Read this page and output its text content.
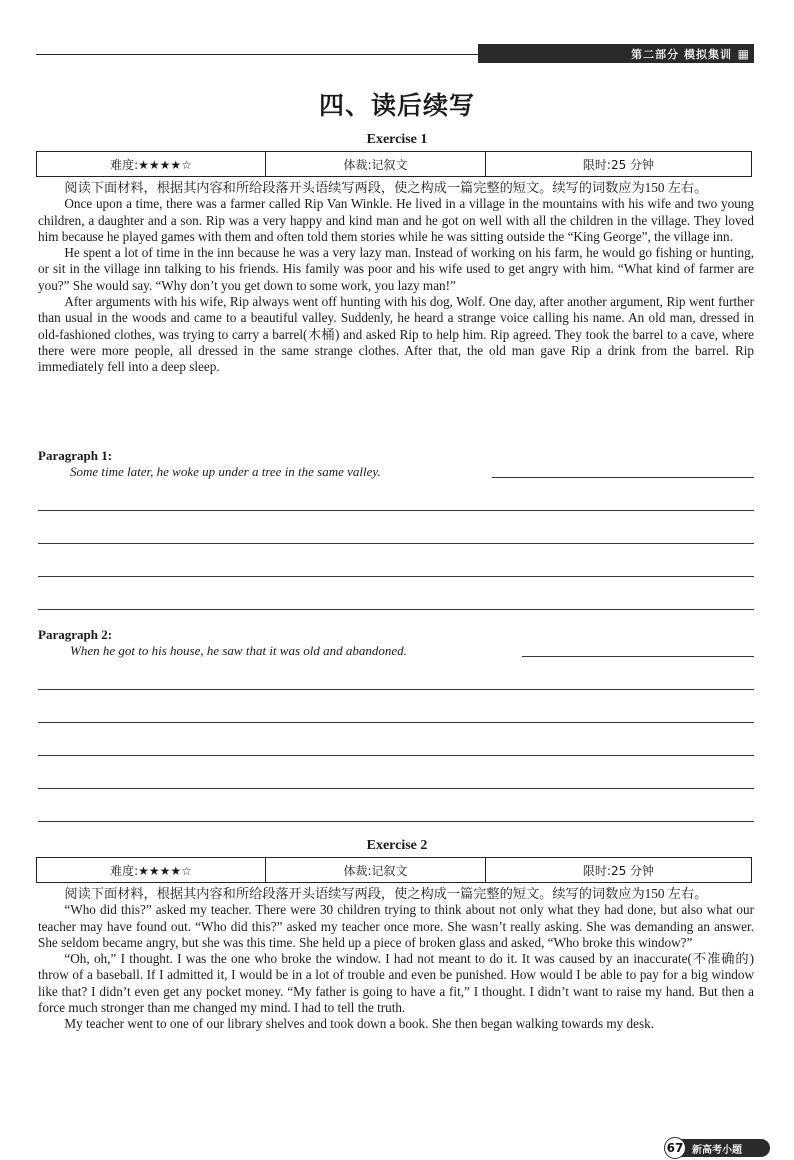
第二部分 模拟集训 ▦
四、读后续写
Exercise 1
难度:★★★★☆	体裁:记叙文	限时:25 分钟

阅读下面材料，根据其内容和所给段落开头语续写两段，使之构成一篇完整的短文。续写的词数应为150 左右。

Once upon a time, there was a farmer called Rip Van Winkle. He lived in a village in the mountains with his wife and two young children, a daughter and a son. Rip was a very happy and kind man and he got on well with all the children in the village. They loved him because he played games with them and often told them stories while he was sitting outside the “King George”, the village inn.

He spent a lot of time in the inn because he was a very lazy man. Instead of working on his farm, he would go fishing or hunting, or sit in the village inn talking to his friends. His family was poor and his wife used to get angry with him. “What kind of farmer are you?” She would say. “Why don’t you get down to some work, you lazy man!”

After arguments with his wife, Rip always went off hunting with his dog, Wolf. One day, after another argument, Rip went further than usual in the woods and came to a beautiful valley. Suddenly, he heard a strange voice calling his name. An old man, dressed in old-fashioned clothes, was trying to carry a barrel(木桶) and asked Rip to help him. Rip agreed. They took the barrel to a cave, where there were more people, all dressed in the same strange clothes. After that, the old man gave Rip a drink from the barrel. Rip immediately fell into a deep sleep.

Paragraph 1:
Some time later, he woke up under a tree in the same valley.
Paragraph 2:
When he got to his house, he saw that it was old and abandoned.
Exercise 2
难度:★★★★☆	体裁:记叙文	限时:25 分钟

阅读下面材料，根据其内容和所给段落开头语续写两段，使之构成一篇完整的短文。续写的词数应为150 左右。

“Who did this?” asked my teacher. There were 30 children trying to think about not only what they had done, but also what our teacher may have found out. “Who did this?” asked my teacher once more. She wasn’t really asking. She was demanding an answer. She seldom became angry, but she was this time. She held up a piece of broken glass and asked, “Who broke this window?”

“Oh, oh,” I thought. I was the one who broke the window. I had not meant to do it. It was caused by an inaccurate(不准确的) throw of a baseball. If I admitted it, I would be in a lot of trouble and even be punished. How would I be able to pay for a big window like that? I didn’t even get any pocket money. “My father is going to have a fit,” I thought. I didn’t want to raise my hand. But then a force much stronger than me changed my mind. I had to tell the truth.

My teacher went to one of our library shelves and took down a book. She then began walking towards my desk.

67 新高考小题
